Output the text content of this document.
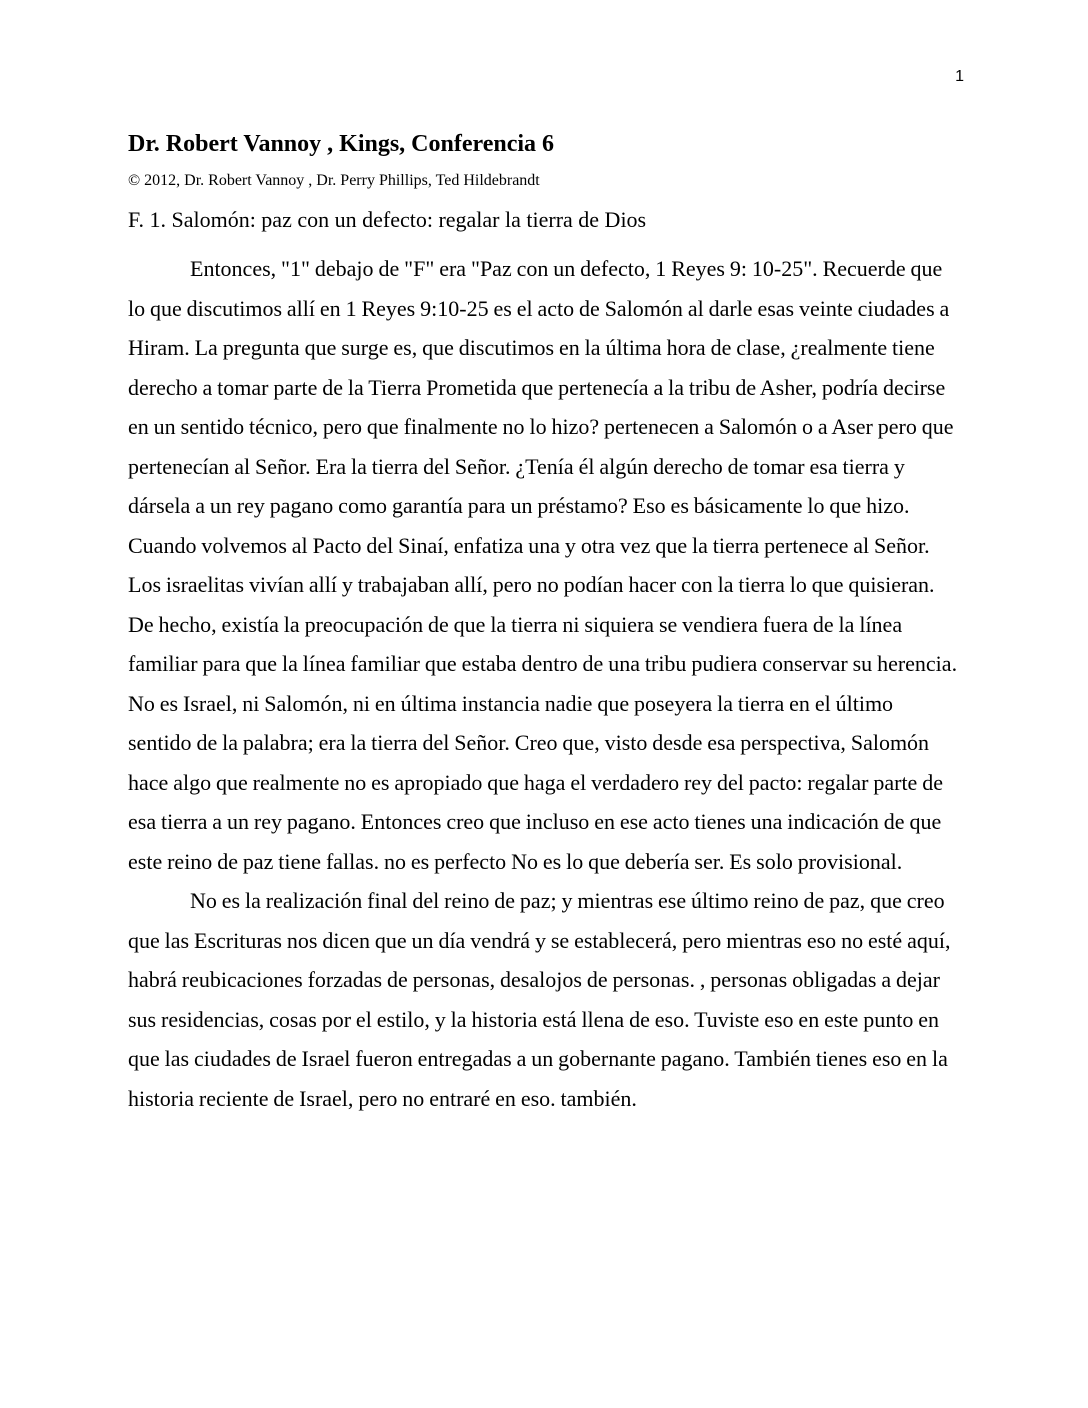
1
Dr. Robert Vannoy , Kings, Conferencia 6

© 2012, Dr. Robert Vannoy , Dr. Perry Phillips, Ted Hildebrandt

F. 1. Salomón: paz con un defecto: regalar la tierra de Dios

Entonces, "1" debajo de "F" era "Paz con un defecto, 1 Reyes 9: 10-25". Recuerde que lo que discutimos allí en 1 Reyes 9:10-25 es el acto de Salomón al darle esas veinte ciudades a Hiram. La pregunta que surge es, que discutimos en la última hora de clase, ¿realmente tiene derecho a tomar parte de la Tierra Prometida que pertenecía a la tribu de Asher, podría decirse en un sentido técnico, pero que finalmente no lo hizo? pertenecen a Salomón o a Aser pero que pertenecían al Señor. Era la tierra del Señor. ¿Tenía él algún derecho de tomar esa tierra y dársela a un rey pagano como garantía para un préstamo? Eso es básicamente lo que hizo. Cuando volvemos al Pacto del Sinaí, enfatiza una y otra vez que la tierra pertenece al Señor. Los israelitas vivían allí y trabajaban allí, pero no podían hacer con la tierra lo que quisieran. De hecho, existía la preocupación de que la tierra ni siquiera se vendiera fuera de la línea familiar para que la línea familiar que estaba dentro de una tribu pudiera conservar su herencia. No es Israel, ni Salomón, ni en última instancia nadie que poseyera la tierra en el último sentido de la palabra; era la tierra del Señor. Creo que, visto desde esa perspectiva, Salomón hace algo que realmente no es apropiado que haga el verdadero rey del pacto: regalar parte de esa tierra a un rey pagano. Entonces creo que incluso en ese acto tienes una indicación de que este reino de paz tiene fallas. no es perfecto No es lo que debería ser. Es solo provisional.

No es la realización final del reino de paz; y mientras ese último reino de paz, que creo que las Escrituras nos dicen que un día vendrá y se establecerá, pero mientras eso no esté aquí, habrá reubicaciones forzadas de personas, desalojos de personas. , personas obligadas a dejar sus residencias, cosas por el estilo, y la historia está llena de eso. Tuviste eso en este punto en que las ciudades de Israel fueron entregadas a un gobernante pagano. También tienes eso en la historia reciente de Israel, pero no entraré en eso. también.
